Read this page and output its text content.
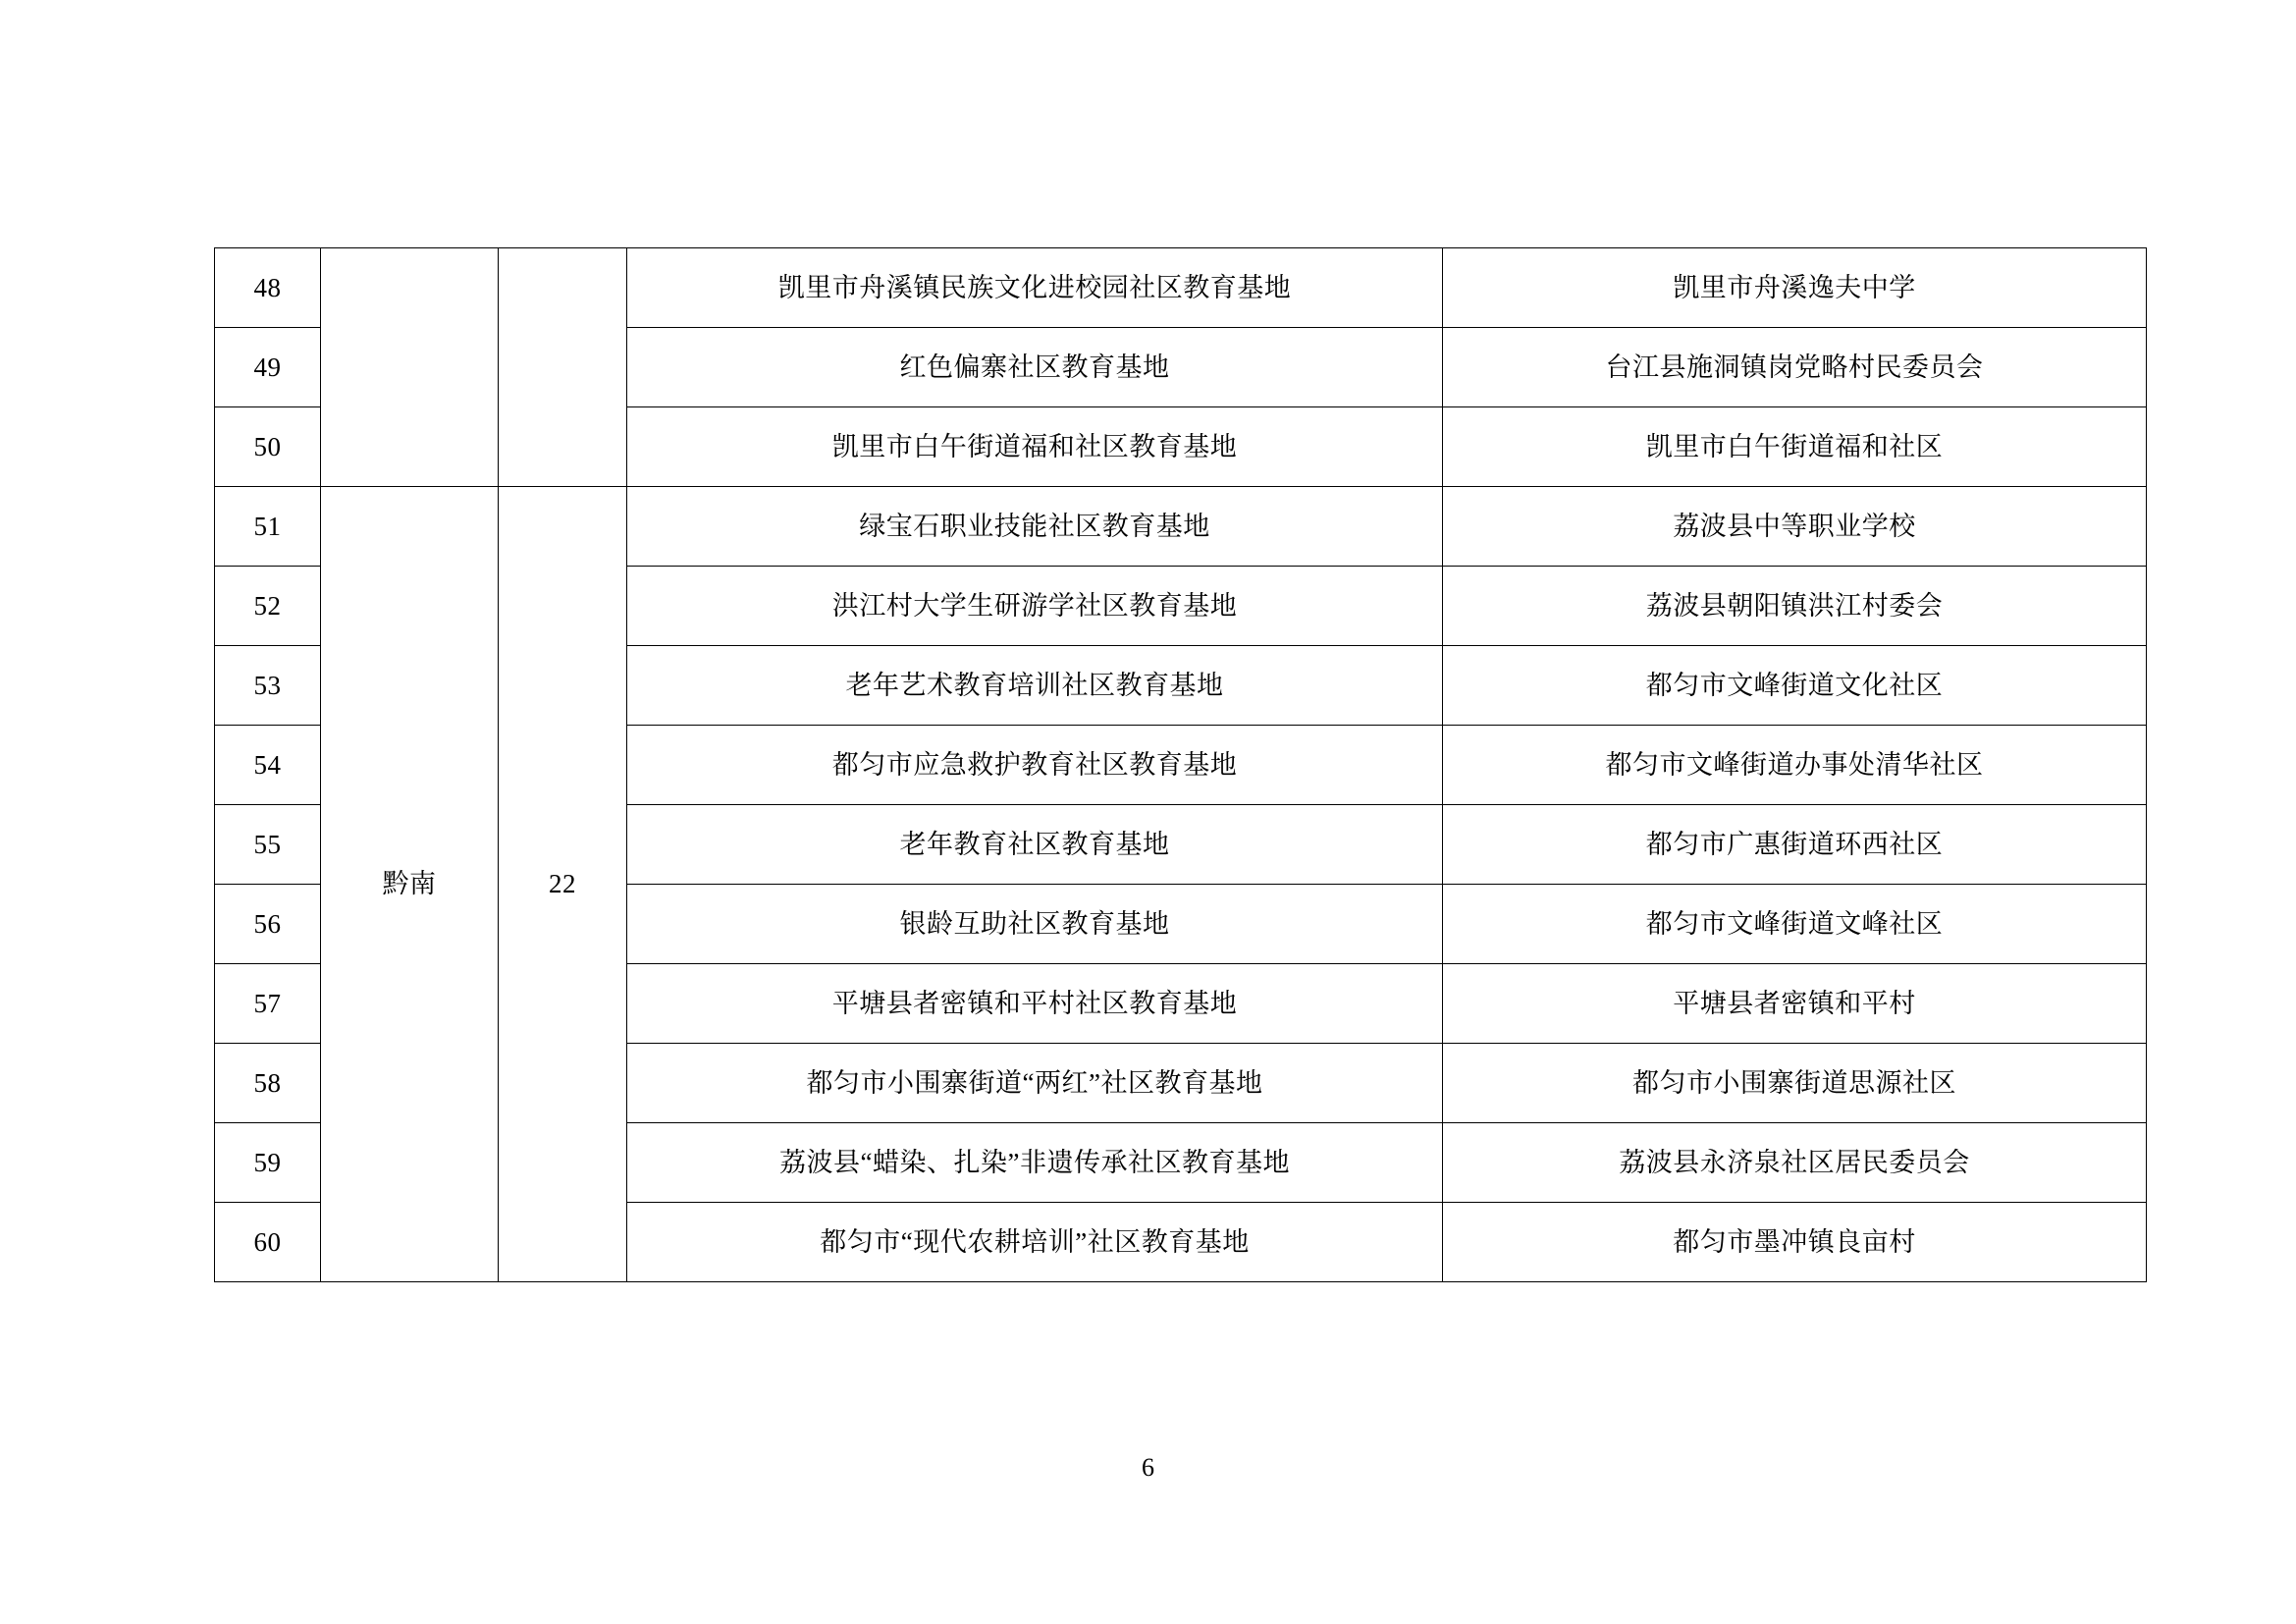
48			凯里市舟溪镇民族文化进校园社区教育基地	凯里市舟溪逸夫中学
49			红色偏寨社区教育基地	台江县施洞镇岗党略村民委员会
50			凯里市白午街道福和社区教育基地	凯里市白午街道福和社区
51	黔南	22	绿宝石职业技能社区教育基地	荔波县中等职业学校
52			洪江村大学生研游学社区教育基地	荔波县朝阳镇洪江村委会
53			老年艺术教育培训社区教育基地	都匀市文峰街道文化社区
54			都匀市应急救护教育社区教育基地	都匀市文峰街道办事处清华社区
55			老年教育社区教育基地	都匀市广惠街道环西社区
56			银龄互助社区教育基地	都匀市文峰街道文峰社区
57			平塘县者密镇和平村社区教育基地	平塘县者密镇和平村
58			都匀市小围寨街道“两红”社区教育基地	都匀市小围寨街道思源社区
59			荔波县“蜡染、扎染”非遗传承社区教育基地	荔波县永济泉社区居民委员会
60			都匀市“现代农耕培训”社区教育基地	都匀市墨冲镇良亩村
6
